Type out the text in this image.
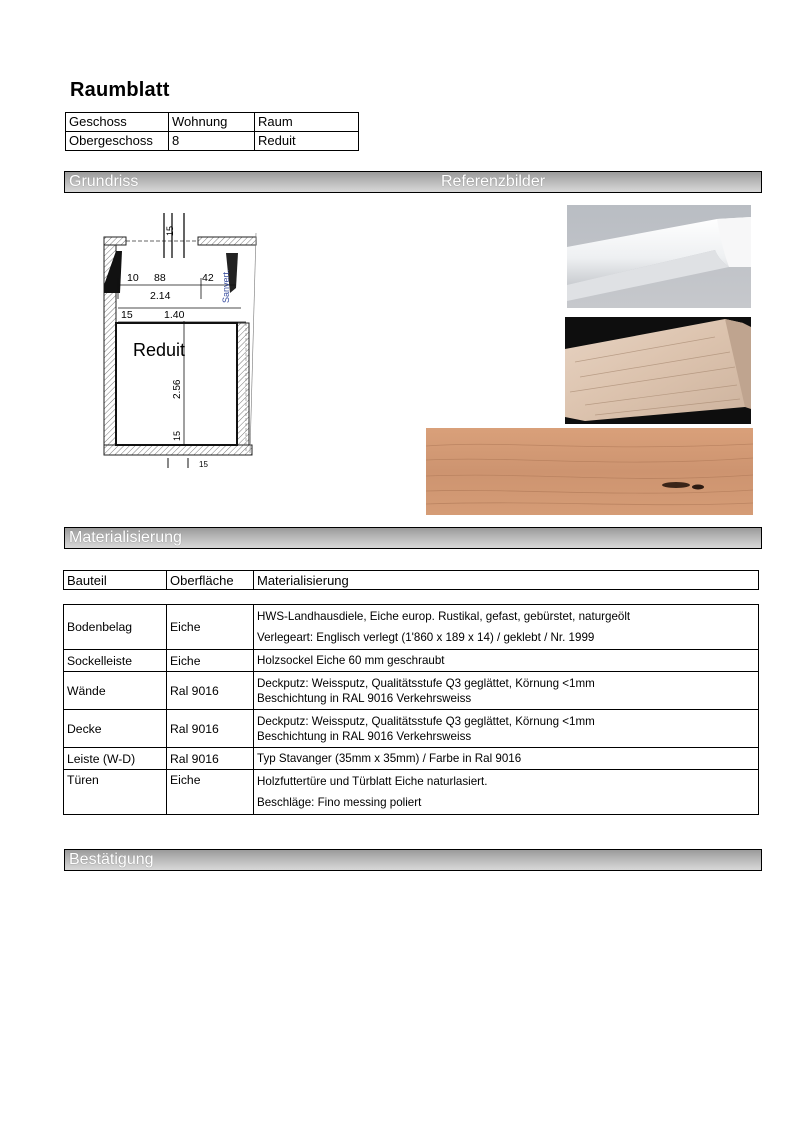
Raumblatt
Geschoss	Wohnung	Raum
Obergeschoss	8	Reduit
Grundriss	Referenzbilder
15
10 88	42
2.14
15	1.40
2.56
15
15
Sanvert.
Reduit
Materialisierung
Bauteil	Oberfläche	Materialisierung
Bodenbelag	Eiche	HWS-Landhausdiele, Eiche europ. Rustikal, gefast, gebürstet, naturgeölt
Verlegeart: Englisch verlegt (1'860 x 189 x 14) / geklebt / Nr. 1999

Sockelleiste	Eiche	Holzsockel Eiche 60 mm geschraubt

Wände	Ral 9016	Deckputz: Weissputz, Qualitätsstufe Q3 geglättet, Körnung <1mm
Beschichtung in RAL 9016 Verkehrsweiss

Decke	Ral 9016	Deckputz: Weissputz, Qualitätsstufe Q3 geglättet, Körnung <1mm
Beschichtung in RAL 9016 Verkehrsweiss

Leiste (W-D)	Ral 9016	Typ Stavanger (35mm x 35mm) / Farbe in Ral 9016

Türen	Eiche	Holzfuttertüre und Türblatt Eiche naturlasiert.
Beschläge: Fino messing poliert
Bestätigung
